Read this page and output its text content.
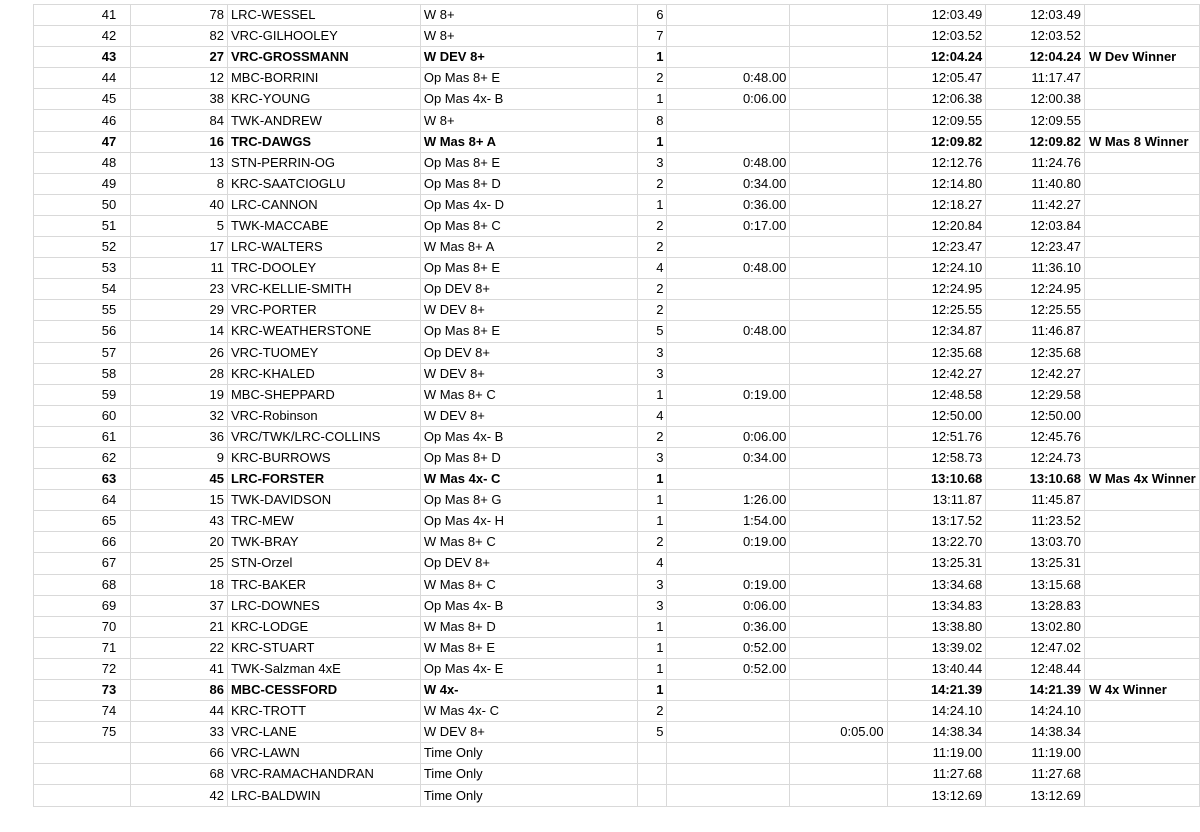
41	78	LRC-WESSEL	W 8+	6			12:03.49	12:03.49	
42	82	VRC-GILHOOLEY	W 8+	7			12:03.52	12:03.52	
43	27	VRC-GROSSMANN	W DEV 8+	1			12:04.24	12:04.24	W Dev Winner
44	12	MBC-BORRINI	Op Mas 8+ E	2	0:48.00		12:05.47	11:17.47	
45	38	KRC-YOUNG	Op Mas 4x- B	1	0:06.00		12:06.38	12:00.38	
46	84	TWK-ANDREW	W 8+	8			12:09.55	12:09.55	
47	16	TRC-DAWGS	W Mas 8+ A	1			12:09.82	12:09.82	W Mas 8 Winner
48	13	STN-PERRIN-OG	Op Mas 8+ E	3	0:48.00		12:12.76	11:24.76	
49	8	KRC-SAATCIOGLU	Op Mas 8+ D	2	0:34.00		12:14.80	11:40.80	
50	40	LRC-CANNON	Op Mas 4x- D	1	0:36.00		12:18.27	11:42.27	
51	5	TWK-MACCABE	Op Mas 8+ C	2	0:17.00		12:20.84	12:03.84	
52	17	LRC-WALTERS	W Mas 8+ A	2			12:23.47	12:23.47	
53	11	TRC-DOOLEY	Op Mas 8+ E	4	0:48.00		12:24.10	11:36.10	
54	23	VRC-KELLIE-SMITH	Op DEV 8+	2			12:24.95	12:24.95	
55	29	VRC-PORTER	W DEV 8+	2			12:25.55	12:25.55	
56	14	KRC-WEATHERSTONE	Op Mas 8+ E	5	0:48.00		12:34.87	11:46.87	
57	26	VRC-TUOMEY	Op DEV 8+	3			12:35.68	12:35.68	
58	28	KRC-KHALED	W DEV 8+	3			12:42.27	12:42.27	
59	19	MBC-SHEPPARD	W Mas 8+ C	1	0:19.00		12:48.58	12:29.58	
60	32	VRC-Robinson	W DEV 8+	4			12:50.00	12:50.00	
61	36	VRC/TWK/LRC-COLLINS	Op Mas 4x- B	2	0:06.00		12:51.76	12:45.76	
62	9	KRC-BURROWS	Op Mas 8+ D	3	0:34.00		12:58.73	12:24.73	
63	45	LRC-FORSTER	W Mas 4x- C	1			13:10.68	13:10.68	W Mas 4x Winner
64	15	TWK-DAVIDSON	Op Mas 8+ G	1	1:26.00		13:11.87	11:45.87	
65	43	TRC-MEW	Op Mas 4x- H	1	1:54.00		13:17.52	11:23.52	
66	20	TWK-BRAY	W Mas 8+ C	2	0:19.00		13:22.70	13:03.70	
67	25	STN-Orzel	Op DEV 8+	4			13:25.31	13:25.31	
68	18	TRC-BAKER	W Mas 8+ C	3	0:19.00		13:34.68	13:15.68	
69	37	LRC-DOWNES	Op Mas 4x- B	3	0:06.00		13:34.83	13:28.83	
70	21	KRC-LODGE	W Mas 8+ D	1	0:36.00		13:38.80	13:02.80	
71	22	KRC-STUART	W Mas 8+ E	1	0:52.00		13:39.02	12:47.02	
72	41	TWK-Salzman 4xE	Op Mas 4x- E	1	0:52.00		13:40.44	12:48.44	
73	86	MBC-CESSFORD	W 4x-	1			14:21.39	14:21.39	W 4x Winner
74	44	KRC-TROTT	W Mas 4x- C	2			14:24.10	14:24.10	
75	33	VRC-LANE	W DEV 8+	5		0:05.00	14:38.34	14:38.34	
	66	VRC-LAWN	Time Only				11:19.00	11:19.00	
	68	VRC-RAMACHANDRAN	Time Only				11:27.68	11:27.68	
	42	LRC-BALDWIN	Time Only				13:12.69	13:12.69	
